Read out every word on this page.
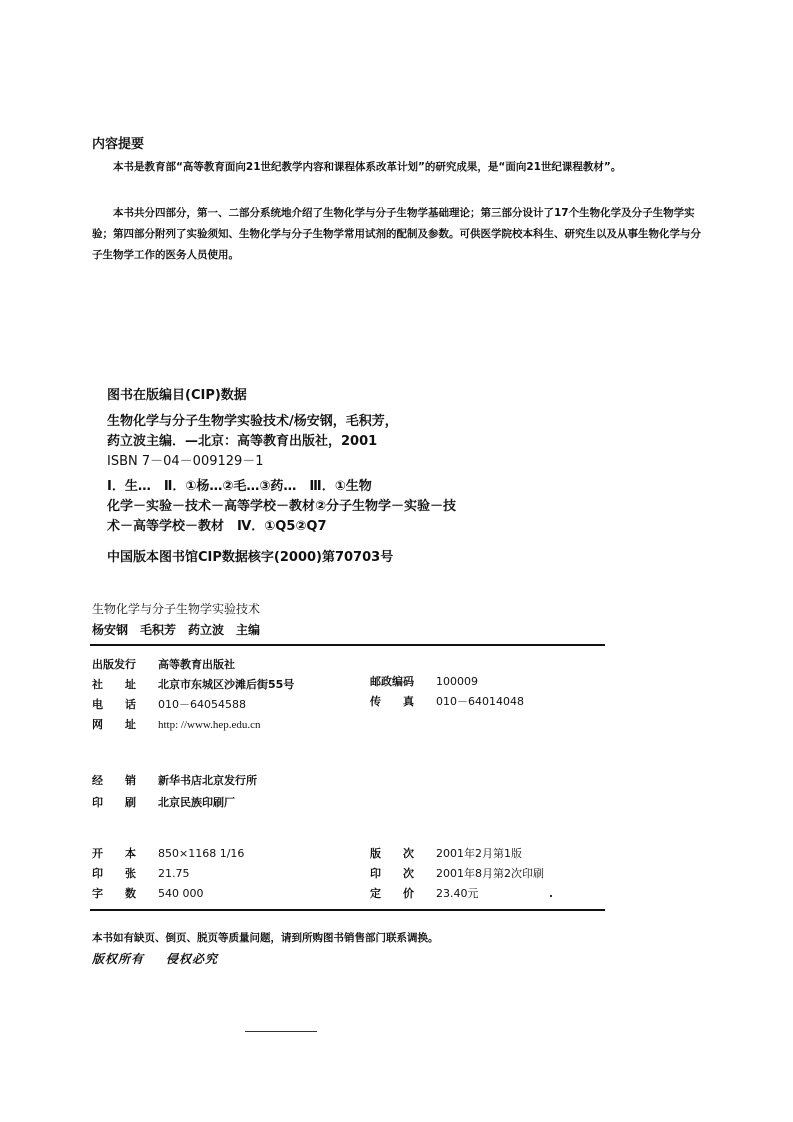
内容提要
本书是教育部“高等教育面向21世纪教学内容和课程体系改革计划”的研究成果，是“面向21世纪课程教材”。
本书共分四部分，第一、二部分系统地介绍了生物化学与分子生物学基础理论；第三部分设计了17个生物化学及分子生物学实验；第四部分附列了实验须知、生物化学与分子生物学常用试剂的配制及参数。可供医学院校本科生、研究生以及从事生物化学与分子生物学工作的医务人员使用。
图书在版编目(CIP)数据
生物化学与分子生物学实验技术/杨安钢，毛积芳，
药立波主编．—北京：高等教育出版社，2001
ISBN 7－04－009129－1
Ⅰ．生…　Ⅱ．①杨…②毛…③药…　Ⅲ．①生物
化学－实验－技术－高等学校－教材②分子生物学－实验－技
术－高等学校－教材　Ⅳ．①Q5②Q7
中国版本图书馆CIP数据核字(2000)第70703号
生物化学与分子生物学实验技术
杨安钢　毛积芳　药立波　主编
出版发行 高等教育出版社
社　　址 北京市东城区沙滩后街55号
电　　话 010－64054588
网　　址 http: //www.hep.edu.cn
邮政编码 100009
传　　真 010－64014048
经　　销 新华书店北京发行所
印　　刷 北京民族印刷厂
开　　本 850×1168 1/16
印　　张 21.75
字　　数 540 000
版　　次 2001年2月第1版
印　　次 2001年8月第2次印刷
定　　价 23.40元
本书如有缺页、倒页、脱页等质量问题，请到所购图书销售部门联系调换。
版权所有 侵权必究
